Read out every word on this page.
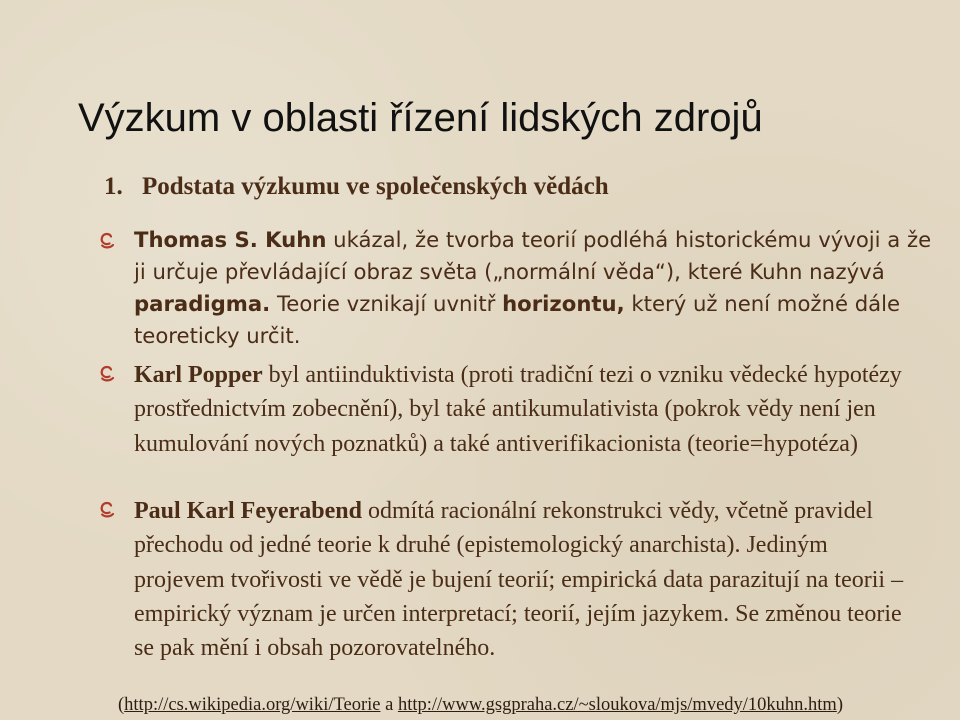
Výzkum v oblasti řízení lidských zdrojů
1. Podstata výzkumu ve společenských vědách
Thomas S. Kuhn ukázal, že tvorba teorií podléhá historickému vývoji a že ji určuje převládající obraz světa („normální věda“), které Kuhn nazývá paradigma. Teorie vznikají uvnitř horizontu, který už není možné dále teoreticky určit.
Karl Popper byl antiinduktivista (proti tradiční tezi o vzniku vědecké hypotézy prostřednictvím zobecnění), byl také antikumulativista (pokrok vědy není jen kumulování nových poznatků) a také antiverifikacionista (teorie=hypotéza)
Paul Karl Feyerabend odmítá racionální rekonstrukci vědy, včetně pravidel přechodu od jedné teorie k druhé (epistemologický anarchista). Jediným projevem tvořivosti ve vědě je bujení teorií; empirická data parazitují na teorii – empirický význam je určen interpretací; teorií, jejím jazykem. Se změnou teorie se pak mění i obsah pozorovatelného.
(http://cs.wikipedia.org/wiki/Teorie a http://www.gsgpraha.cz/~sloukova/mjs/mvedy/10kuhn.htm)
